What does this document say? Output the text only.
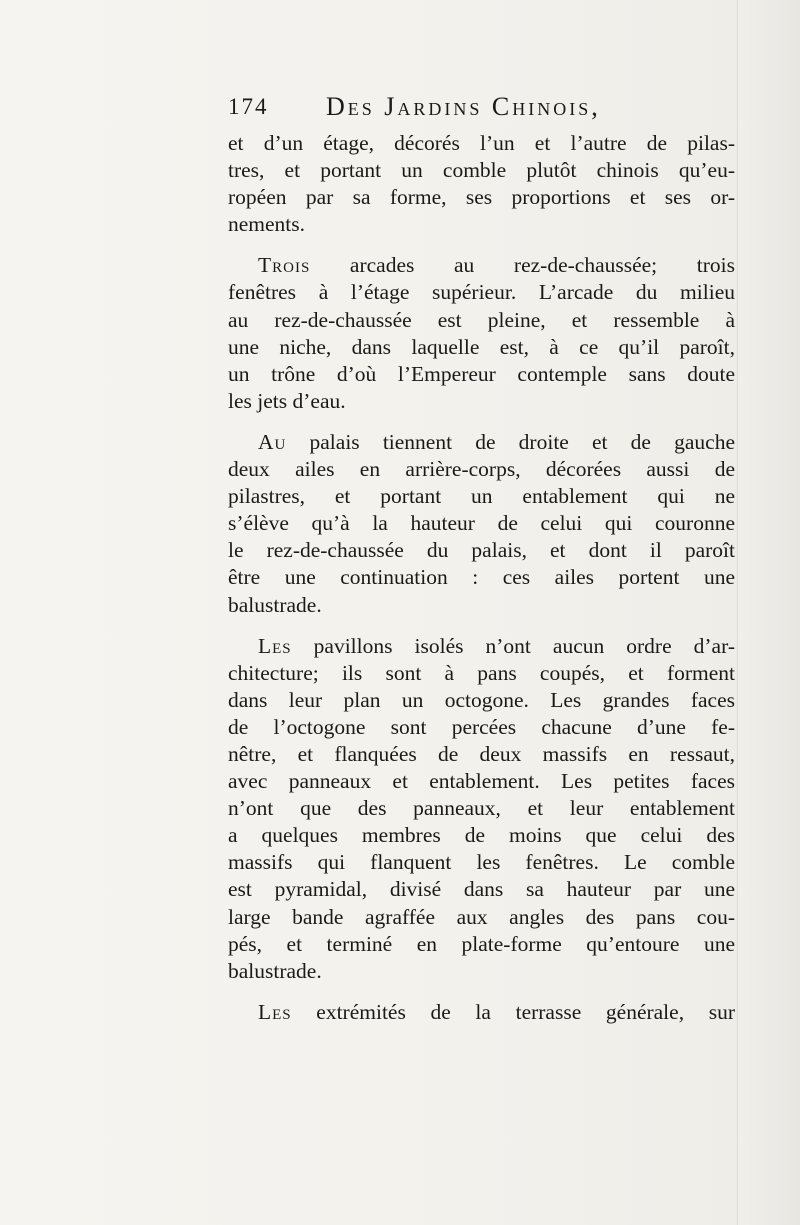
174 Des Jardins Chinois,
et d’un étage, décorés l’un et l’autre de pilas-
tres, et portant un comble plutôt chinois qu’eu-
ropéen par sa forme, ses proportions et ses or-
nements.
Trois arcades au rez-de-chaussée; trois
fenêtres à l’étage supérieur. L’arcade du milieu
au rez-de-chaussée est pleine, et ressemble à
une niche, dans laquelle est, à ce qu’il paroît,
un trône d’où l’Empereur contemple sans doute
les jets d’eau.
Au palais tiennent de droite et de gauche
deux ailes en arrière-corps, décorées aussi de
pilastres, et portant un entablement qui ne
s’élève qu’à la hauteur de celui qui couronne
le rez-de-chaussée du palais, et dont il paroît
être une continuation : ces ailes portent une
balustrade.
Les pavillons isolés n’ont aucun ordre d’ar-
chitecture; ils sont à pans coupés, et forment
dans leur plan un octogone. Les grandes faces
de l’octogone sont percées chacune d’une fe-
nêtre, et flanquées de deux massifs en ressaut,
avec panneaux et entablement. Les petites faces
n’ont que des panneaux, et leur entablement
a quelques membres de moins que celui des
massifs qui flanquent les fenêtres. Le comble
est pyramidal, divisé dans sa hauteur par une
large bande agraffée aux angles des pans cou-
pés, et terminé en plate-forme qu’entoure une
balustrade.
Les extrémités de la terrasse générale, sur
